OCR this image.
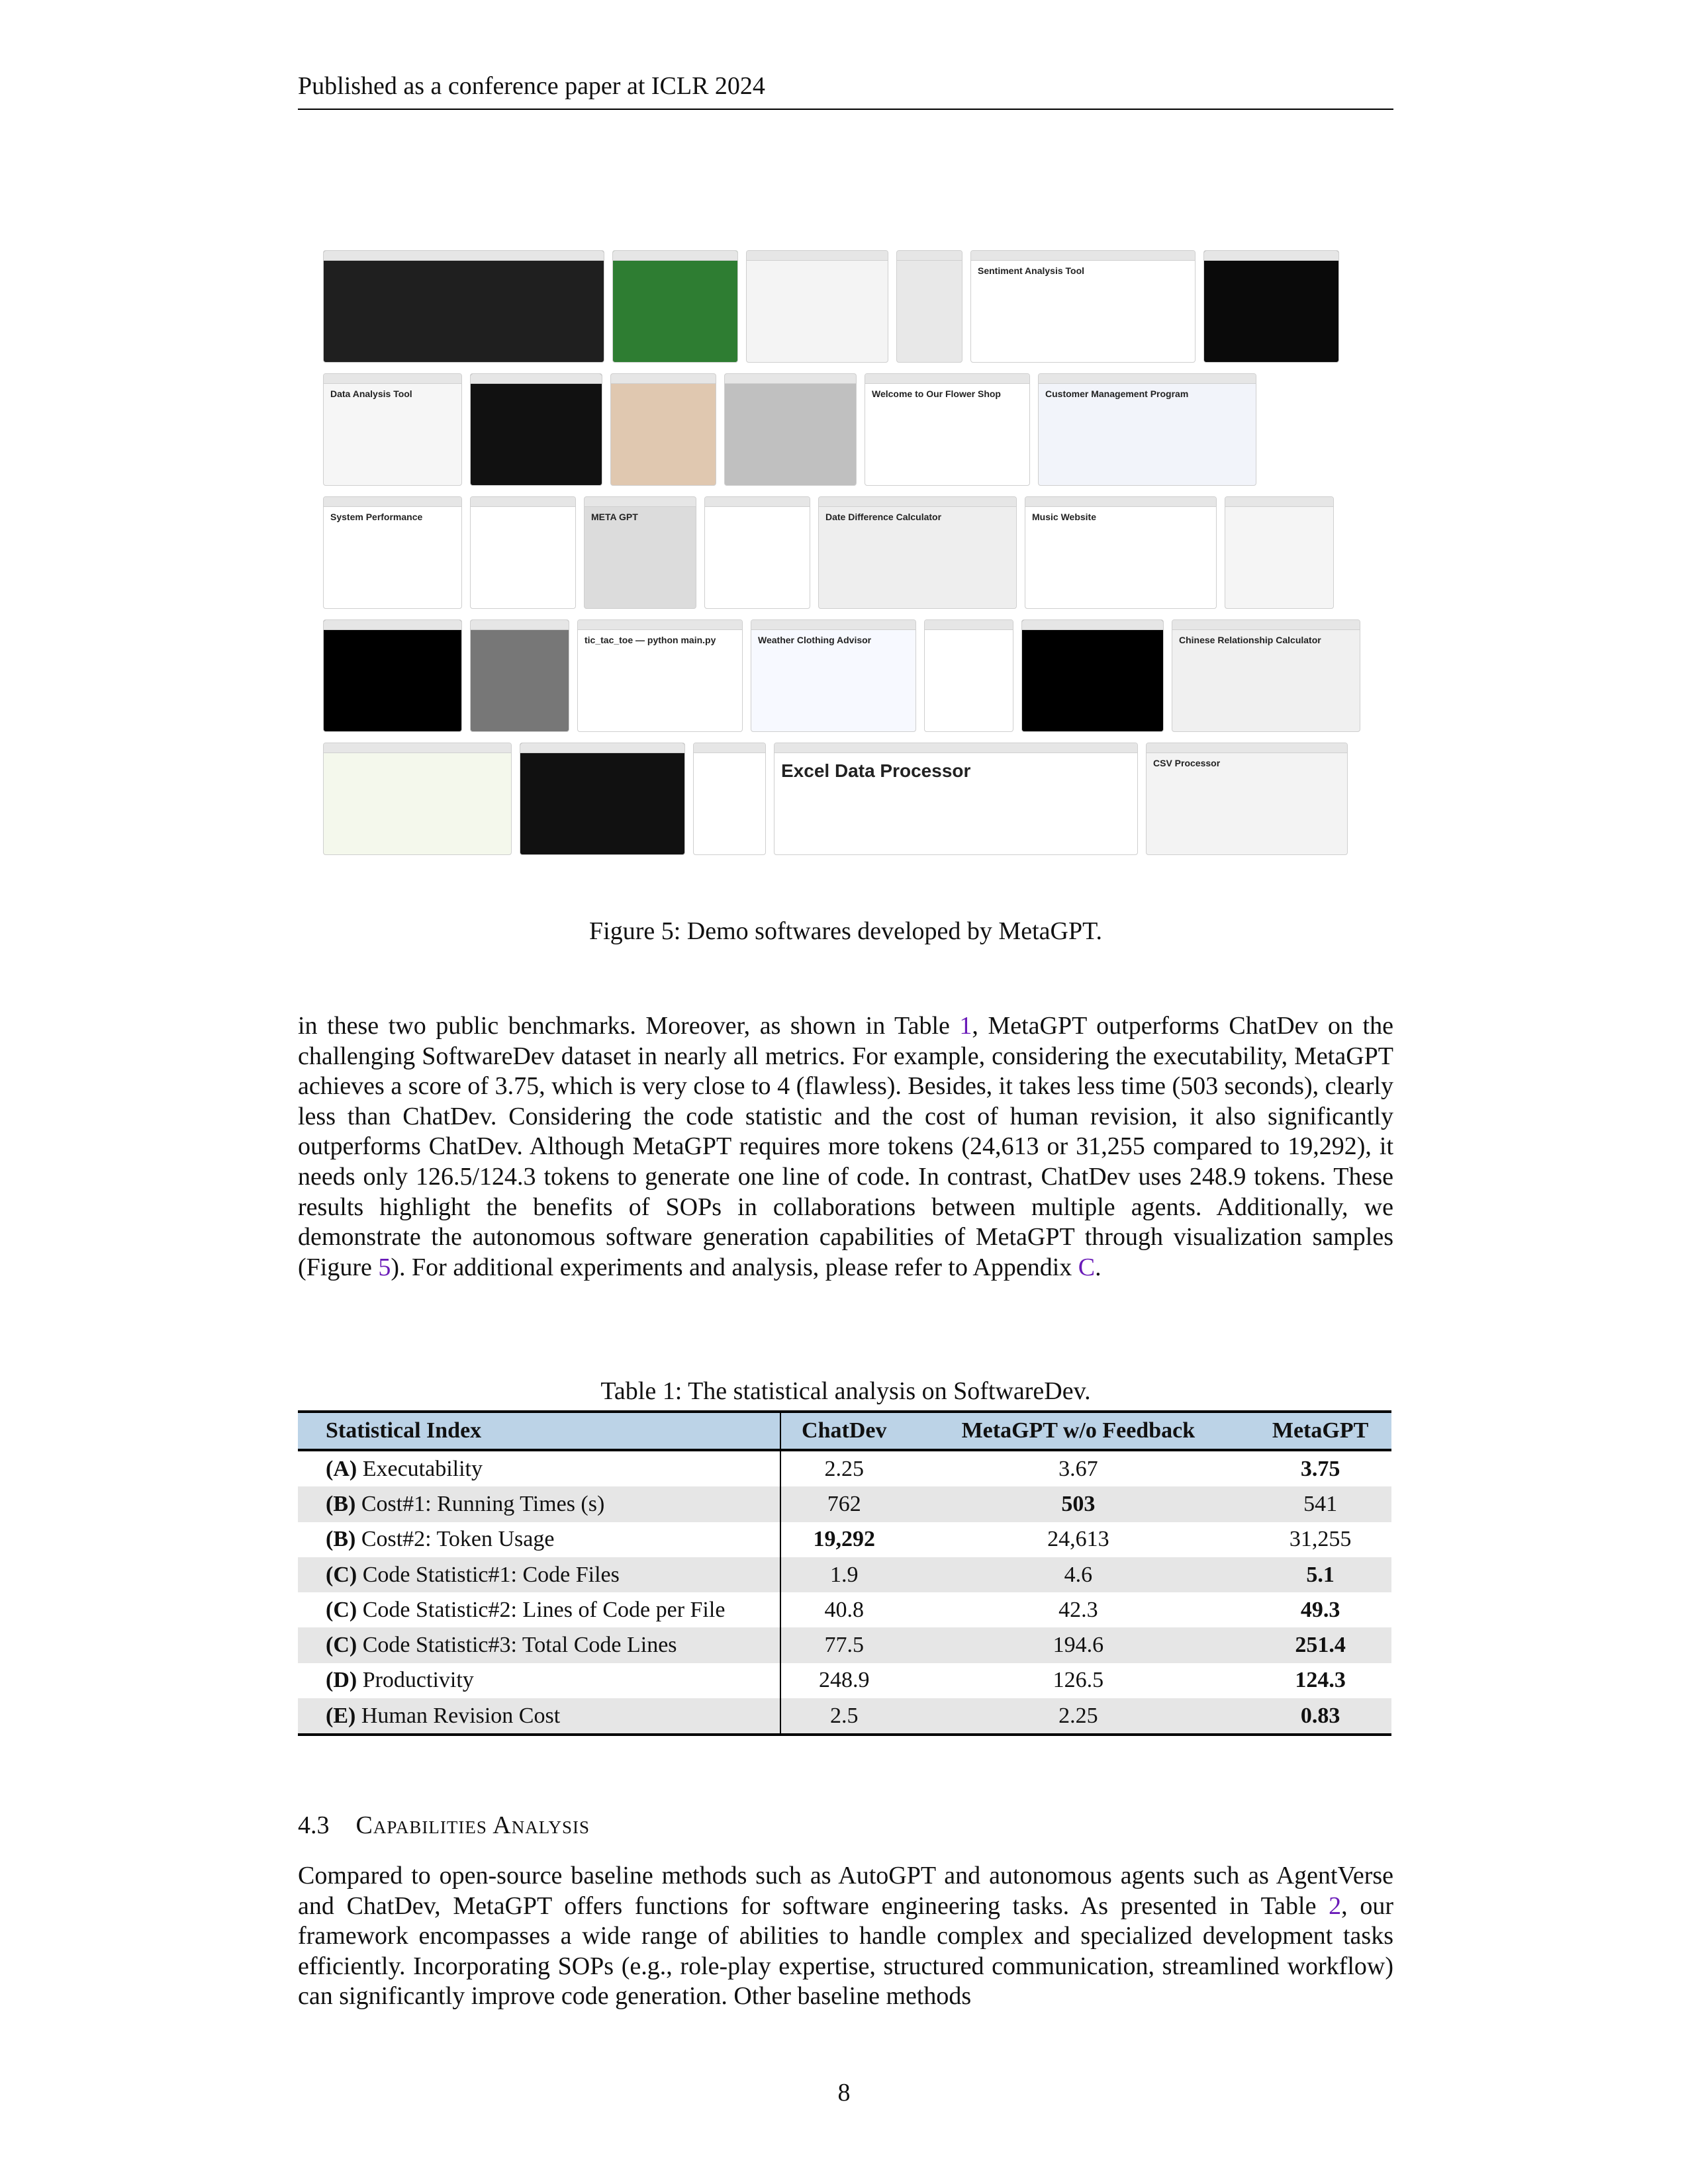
Published as a conference paper at ICLR 2024
Sentiment Analysis Tool
Data Analysis Tool	Welcome to Our Flower Shop	Customer Management Program
System Performance	META GPT	Date Difference Calculator	Music Website
tic_tac_toe — python main.py	Weather Clothing Advisor	Chinese Relationship Calculator
Excel Data Processor	CSV Processor
Figure 5: Demo softwares developed by MetaGPT.
in these two public benchmarks. Moreover, as shown in Table 1, MetaGPT outperforms ChatDev on the challenging SoftwareDev dataset in nearly all metrics. For example, considering the executability, MetaGPT achieves a score of 3.75, which is very close to 4 (flawless). Besides, it takes less time (503 seconds), clearly less than ChatDev. Considering the code statistic and the cost of human revision, it also significantly outperforms ChatDev. Although MetaGPT requires more tokens (24,613 or 31,255 compared to 19,292), it needs only 126.5/124.3 tokens to generate one line of code. In contrast, ChatDev uses 248.9 tokens. These results highlight the benefits of SOPs in collaborations between multiple agents. Additionally, we demonstrate the autonomous software generation capabilities of MetaGPT through visualization samples (Figure 5). For additional experiments and analysis, please refer to Appendix C.
Table 1: The statistical analysis on SoftwareDev.
Statistical Index	ChatDev	MetaGPT w/o Feedback	MetaGPT
(A) Executability	2.25	3.67	3.75
(B) Cost#1: Running Times (s)	762	503	541
(B) Cost#2: Token Usage	19,292	24,613	31,255
(C) Code Statistic#1: Code Files	1.9	4.6	5.1
(C) Code Statistic#2: Lines of Code per File	40.8	42.3	49.3
(C) Code Statistic#3: Total Code Lines	77.5	194.6	251.4
(D) Productivity	248.9	126.5	124.3
(E) Human Revision Cost	2.5	2.25	0.83
4.3 Capabilities Analysis
Compared to open-source baseline methods such as AutoGPT and autonomous agents such as AgentVerse and ChatDev, MetaGPT offers functions for software engineering tasks. As presented in Table 2, our framework encompasses a wide range of abilities to handle complex and specialized development tasks efficiently. Incorporating SOPs (e.g., role-play expertise, structured communication, streamlined workflow) can significantly improve code generation. Other baseline methods
8
